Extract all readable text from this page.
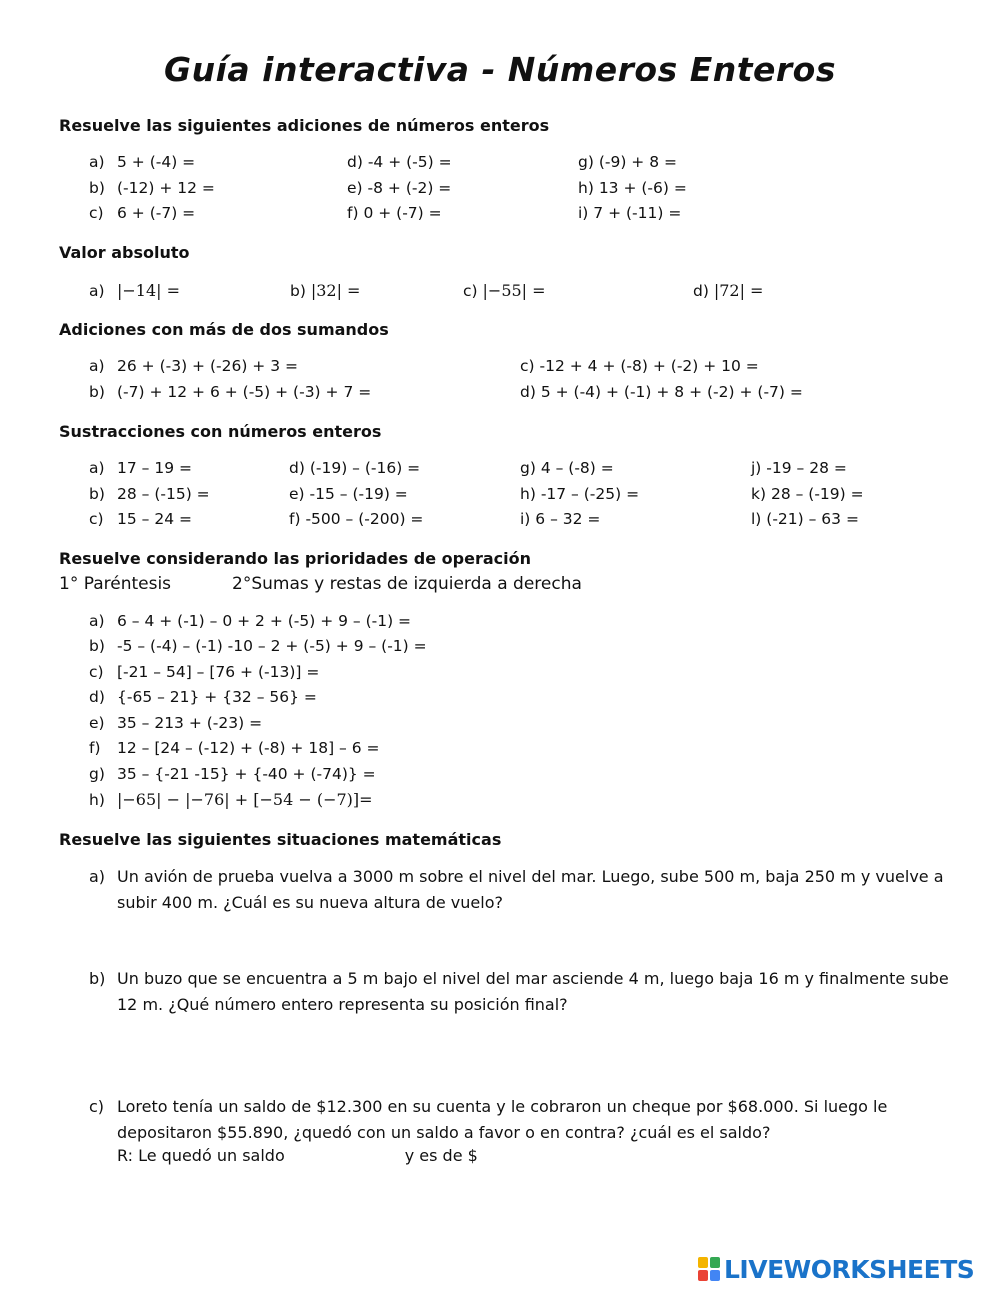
Guía interactiva - Números Enteros
Resuelve las siguientes adiciones de números enteros
a) 5 + (-4) =
b) (-12) + 12 =
c) 6 + (-7) =
d) -4 + (-5) =
e) -8 + (-2) =
f) 0 + (-7) =
g) (-9) + 8 =
h) 13 + (-6) =
i) 7 + (-11) =
Valor absoluto
a) |−14| =	b) |32| =	c) |−55| =	d) |72| =
Adiciones con más de dos sumandos
a) 26 + (-3) + (-26) + 3 =
b) (-7) + 12 + 6 + (-5) + (-3) + 7 =
c) -12 + 4 + (-8) + (-2) + 10 =
d) 5 + (-4) + (-1) + 8 + (-2) + (-7) =
Sustracciones con números enteros
a) 17 – 19 =
b) 28 – (-15) =
c) 15 – 24 =
d) (-19) – (-16) =
e) -15 – (-19) =
f) -500 – (-200) =
g) 4 – (-8) =
h) -17 – (-25) =
i) 6 – 32 =
j) -19 – 28 =
k) 28 – (-19) =
l) (-21) – 63 =
Resuelve considerando las prioridades de operación
1° Paréntesis	2°Sumas y restas de izquierda a derecha
a) 6 – 4 + (-1) – 0 + 2 + (-5) + 9 – (-1) =
b) -5 – (-4) – (-1) -10 – 2 + (-5) + 9 – (-1) =
c) [-21 – 54] – [76 + (-13)] =
d) {-65 – 21} + {32 – 56} =
e) 35 – 213 + (-23) =
f) 12 – [24 – (-12) + (-8) + 18] – 6 =
g) 35 – {-21 -15} + {-40 + (-74)} =
h) |−65| − |−76| + [−54 − (−7)]=
Resuelve las siguientes situaciones matemáticas
a) Un avión de prueba vuelva a 3000 m sobre el nivel del mar. Luego, sube 500 m, baja 250 m y vuelve a subir 400 m. ¿Cuál es su nueva altura de vuelo?
b) Un buzo que se encuentra a 5 m bajo el nivel del mar asciende 4 m, luego baja 16 m y finalmente sube 12 m. ¿Qué número entero representa su posición final?
c) Loreto tenía un saldo de $12.300 en su cuenta y le cobraron un cheque por $68.000. Si luego le depositaron $55.890, ¿quedó con un saldo a favor o en contra? ¿cuál es el saldo?
R: Le quedó un saldo	y es de $
LIVEWORKSHEETS
